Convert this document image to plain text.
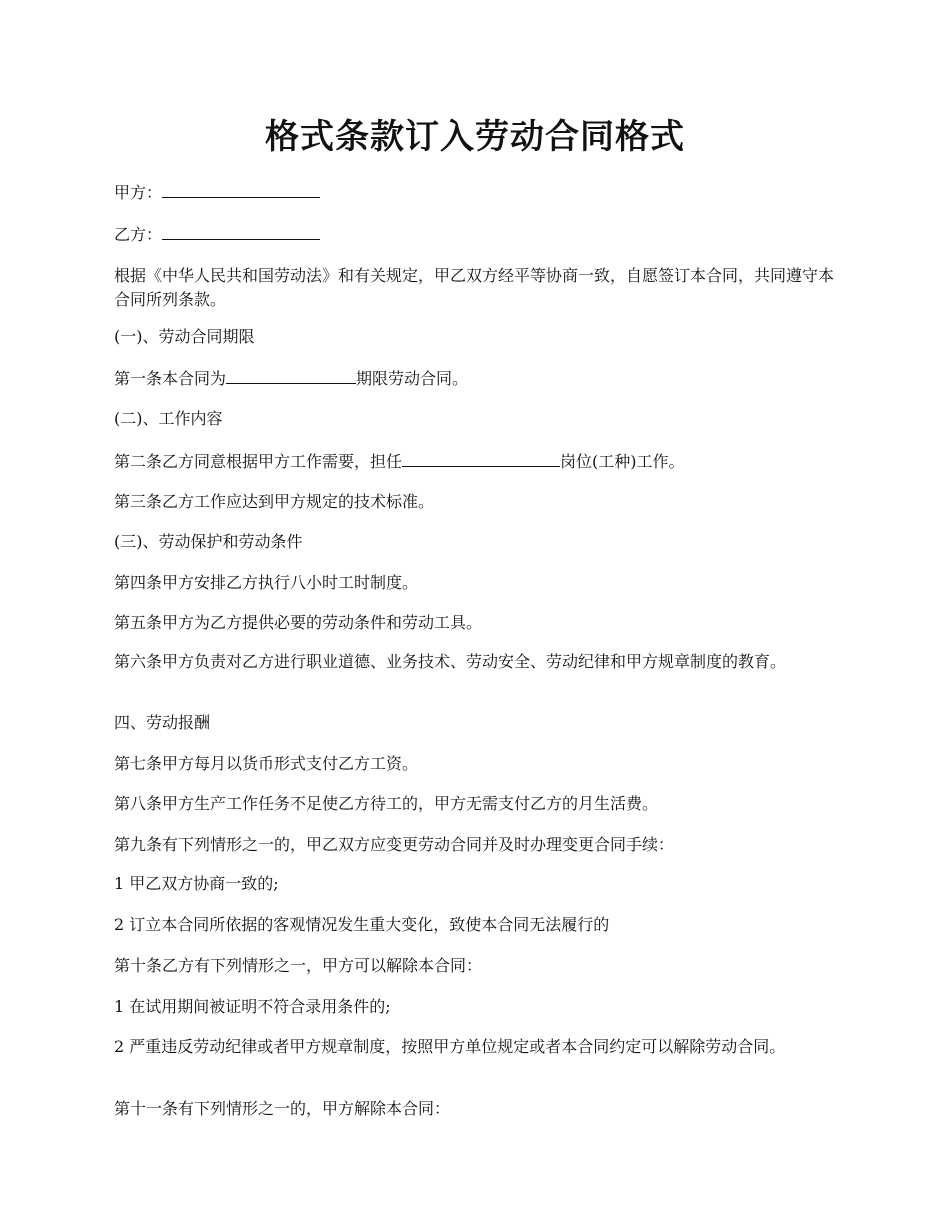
格式条款订入劳动合同格式

甲方：

乙方：

根据《中华人民共和国劳动法》和有关规定，甲乙双方经平等协商一致，自愿签订本合同，共同遵守本合同所列条款。

(一)、劳动合同期限

第一条本合同为	期限劳动合同。

(二)、工作内容

第二条乙方同意根据甲方工作需要，担任	岗位(工种)工作。

第三条乙方工作应达到甲方规定的技术标准。

(三)、劳动保护和劳动条件

第四条甲方安排乙方执行八小时工时制度。

第五条甲方为乙方提供必要的劳动条件和劳动工具。

第六条甲方负责对乙方进行职业道德、业务技术、劳动安全、劳动纪律和甲方规章制度的教育。

四、劳动报酬

第七条甲方每月以货币形式支付乙方工资。

第八条甲方生产工作任务不足使乙方待工的，甲方无需支付乙方的月生活费。

第九条有下列情形之一的，甲乙双方应变更劳动合同并及时办理变更合同手续：

1 甲乙双方协商一致的;

2 订立本合同所依据的客观情况发生重大变化，致使本合同无法履行的

第十条乙方有下列情形之一，甲方可以解除本合同：

1 在试用期间被证明不符合录用条件的;

2 严重违反劳动纪律或者甲方规章制度，按照甲方单位规定或者本合同约定可以解除劳动合同。

第十一条有下列情形之一的，甲方解除本合同：
